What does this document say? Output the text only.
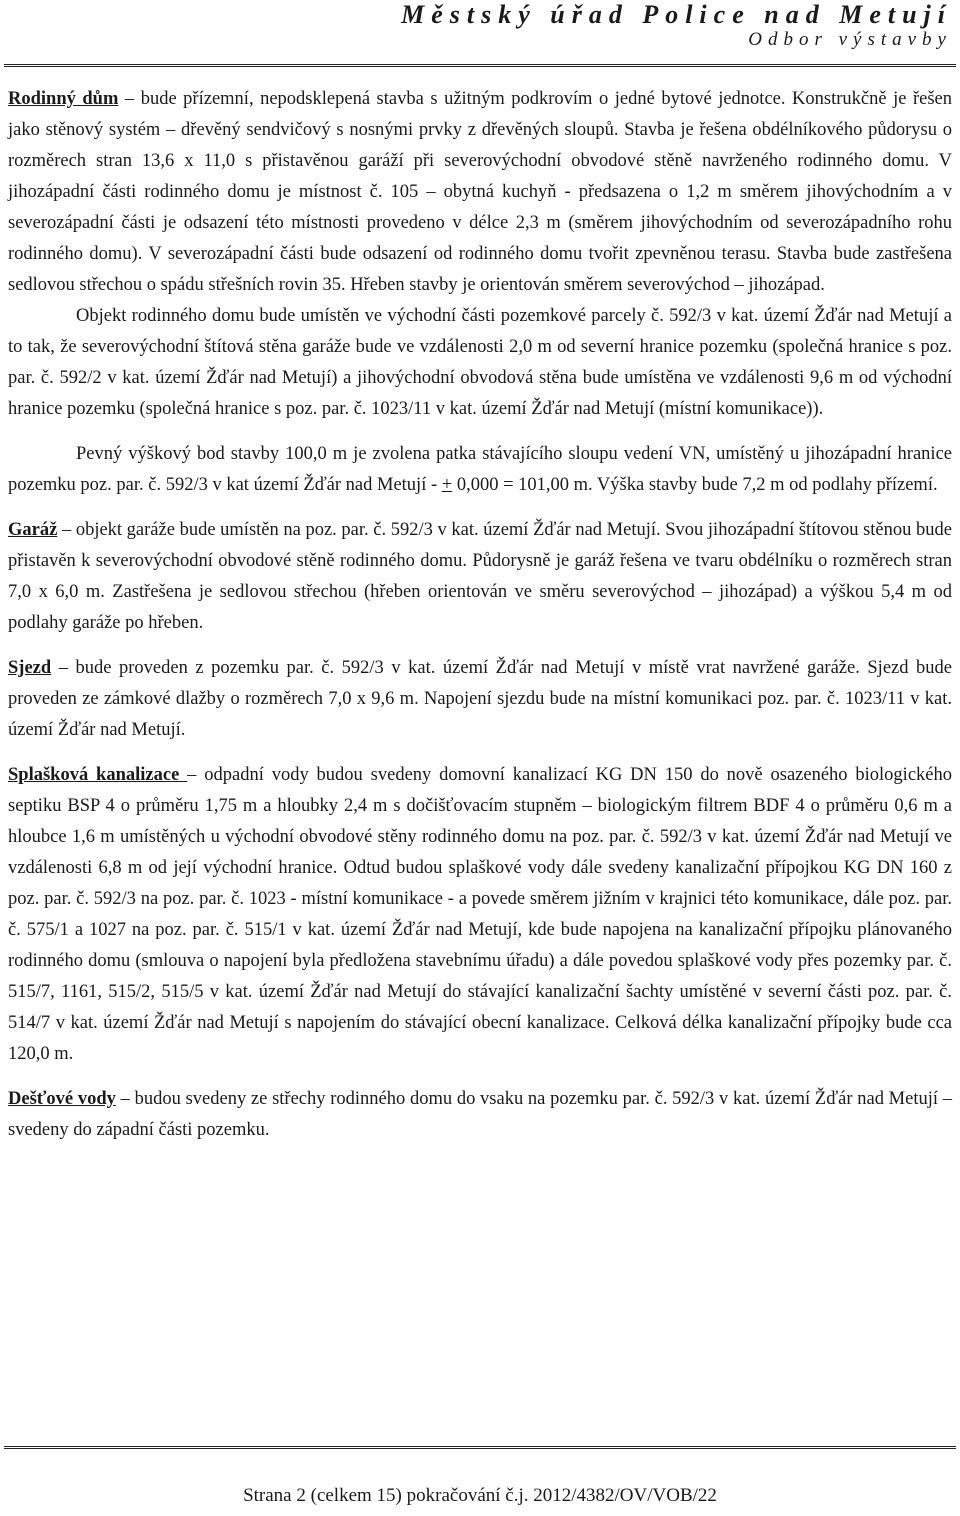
Městský úřad Police nad Metují
Odbor výstavby

Rodinný dům – bude přízemní, nepodsklepená stavba s užitným podkrovím o jedné bytové jednotce. Konstrukčně je řešen jako stěnový systém – dřevěný sendvičový s nosnými prvky z dřevěných sloupů. Stavba je řešena obdélníkového půdorysu o rozměrech stran 13,6 x 11,0 s přistavěnou garáží při severovýchodní obvodové stěně navrženého rodinného domu. V jihozápadní části rodinného domu je místnost č. 105 – obytná kuchyň - předsazena o 1,2 m směrem jihovýchodním a v severozápadní části je odsazení této místnosti provedeno v délce 2,3 m (směrem jihovýchodním od severozápadního rohu rodinného domu). V severozápadní části bude odsazení od rodinného domu tvořit zpevněnou terasu. Stavba bude zastřešena sedlovou střechou o spádu střešních rovin 35. Hřeben stavby je orientován směrem severovýchod – jihozápad.

Objekt rodinného domu bude umístěn ve východní části pozemkové parcely č. 592/3 v kat. území Žďár nad Metují a to tak, že severovýchodní štítová stěna garáže bude ve vzdálenosti 2,0 m od severní hranice pozemku (společná hranice s poz. par. č. 592/2 v kat. území Žďár nad Metují) a jihovýchodní obvodová stěna bude umístěna ve vzdálenosti 9,6 m od východní hranice pozemku (společná hranice s poz. par. č. 1023/11 v kat. území Žďár nad Metují (místní komunikace)).

Pevný výškový bod stavby 100,0 m je zvolena patka stávajícího sloupu vedení VN, umístěný u jihozápadní hranice pozemku poz. par. č. 592/3 v kat území Žďár nad Metují - + 0,000 = 101,00 m. Výška stavby bude 7,2 m od podlahy přízemí.

Garáž – objekt garáže bude umístěn na poz. par. č. 592/3 v kat. území Žďár nad Metují. Svou jihozápadní štítovou stěnou bude přistavěn k severovýchodní obvodové stěně rodinného domu. Půdorysně je garáž řešena ve tvaru obdélníku o rozměrech stran 7,0 x 6,0 m. Zastřešena je sedlovou střechou (hřeben orientován ve směru severovýchod – jihozápad) a výškou 5,4 m od podlahy garáže po hřeben.

Sjezd – bude proveden z pozemku par. č. 592/3 v kat. území Žďár nad Metují v místě vrat navržené garáže. Sjezd bude proveden ze zámkové dlažby o rozměrech 7,0 x 9,6 m. Napojení sjezdu bude na místní komunikaci poz. par. č. 1023/11 v kat. území Žďár nad Metují.

Splašková kanalizace – odpadní vody budou svedeny domovní kanalizací KG DN 150 do nově osazeného biologického septiku BSP 4 o průměru 1,75 m a hloubky 2,4 m s dočišťovacím stupněm – biologickým filtrem BDF 4 o průměru 0,6 m a hloubce 1,6 m umístěných u východní obvodové stěny rodinného domu na poz. par. č. 592/3 v kat. území Žďár nad Metují ve vzdálenosti 6,8 m od její východní hranice. Odtud budou splaškové vody dále svedeny kanalizační přípojkou KG DN 160 z poz. par. č. 592/3 na poz. par. č. 1023 - místní komunikace - a povede směrem jižním v krajnici této komunikace, dále poz. par. č. 575/1 a 1027 na poz. par. č. 515/1 v kat. území Žďár nad Metují, kde bude napojena na kanalizační přípojku plánovaného rodinného domu (smlouva o napojení byla předložena stavebnímu úřadu) a dále povedou splaškové vody přes pozemky par. č. 515/7, 1161, 515/2, 515/5 v kat. území Žďár nad Metují do stávající kanalizační šachty umístěné v severní části poz. par. č. 514/7 v kat. území Žďár nad Metují s napojením do stávající obecní kanalizace. Celková délka kanalizační přípojky bude cca 120,0 m.

Dešťové vody – budou svedeny ze střechy rodinného domu do vsaku na pozemku par. č. 592/3 v kat. území Žďár nad Metují – svedeny do západní části pozemku.

Strana 2 (celkem 15) pokračování č.j. 2012/4382/OV/VOB/22
